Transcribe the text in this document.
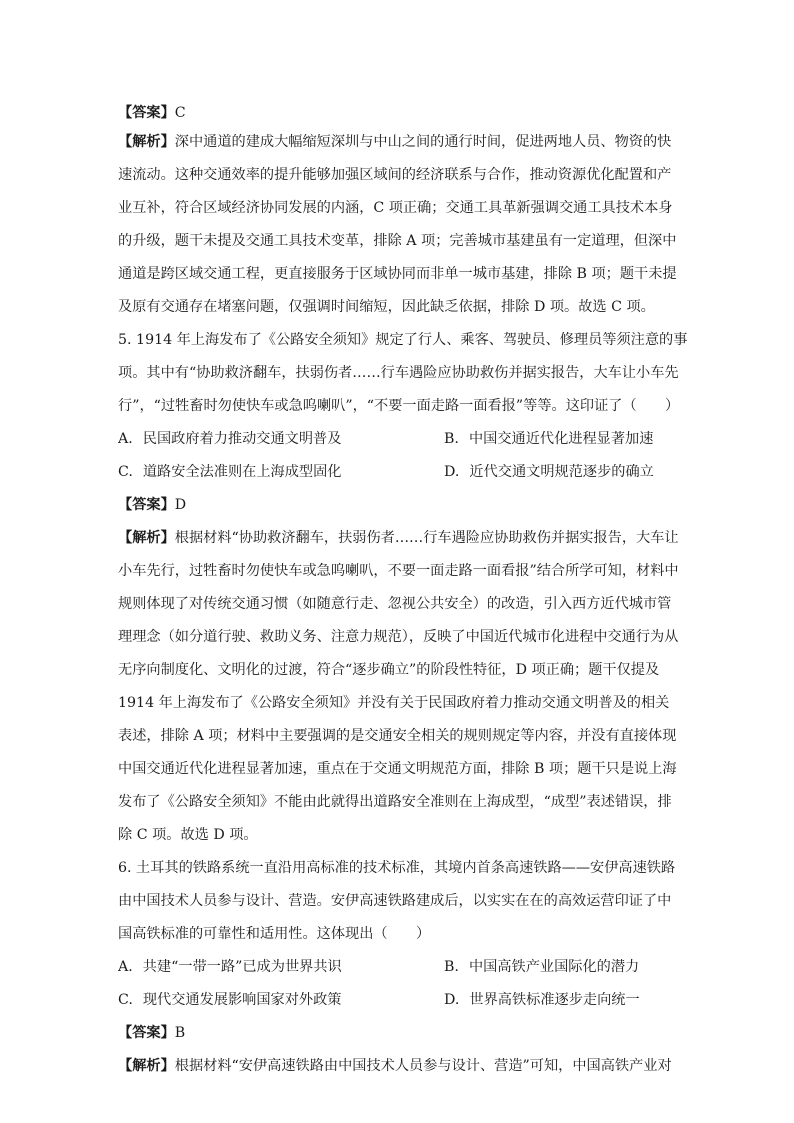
【答案】C
【解析】深中通道的建成大幅缩短深圳与中山之间的通行时间，促进两地人员、物资的快
速流动。这种交通效率的提升能够加强区域间的经济联系与合作，推动资源优化配置和产
业互补，符合区域经济协同发展的内涵，C 项正确；交通工具革新强调交通工具技术本身
的升级，题干未提及交通工具技术变革，排除 A 项；完善城市基建虽有一定道理，但深中
通道是跨区域交通工程，更直接服务于区域协同而非单一城市基建，排除 B 项；题干未提
及原有交通存在堵塞问题，仅强调时间缩短，因此缺乏依据，排除 D 项。故选 C 项。
5. 1914 年上海发布了《公路安全须知》规定了行人、乘客、驾驶员、修理员等须注意的事
项。其中有“协助救济翻车，扶弱伤者……行车遇险应协助救伤并据实报告，大车让小车先
行”，“过牲畜时勿使快车或急呜喇叭”，“不要一面走路一面看报”等等。这印证了（　　）
A. 民国政府着力推动交通文明普及	B. 中国交通近代化进程显著加速
C. 道路安全法准则在上海成型固化	D. 近代交通文明规范逐步的确立
【答案】D
【解析】根据材料“协助救济翻车，扶弱伤者……行车遇险应协助救伤并据实报告，大车让
小车先行，过牲畜时勿使快车或急呜喇叭，不要一面走路一面看报”结合所学可知，材料中
规则体现了对传统交通习惯（如随意行走、忽视公共安全）的改造，引入西方近代城市管
理理念（如分道行驶、救助义务、注意力规范），反映了中国近代城市化进程中交通行为从
无序向制度化、文明化的过渡，符合“逐步确立”的阶段性特征，D 项正确；题干仅提及
1914 年上海发布了《公路安全须知》并没有关于民国政府着力推动交通文明普及的相关
表述，排除 A 项；材料中主要强调的是交通安全相关的规则规定等内容，并没有直接体现
中国交通近代化进程显著加速，重点在于交通文明规范方面，排除 B 项；题干只是说上海
发布了《公路安全须知》不能由此就得出道路安全准则在上海成型，“成型”表述错误，排
除 C 项。故选 D 项。
6. 土耳其的铁路系统一直沿用高标准的技术标准，其境内首条高速铁路——安伊高速铁路
由中国技术人员参与设计、营造。安伊高速铁路建成后，以实实在在的高效运营印证了中
国高铁标准的可靠性和适用性。这体现出（　　）
A. 共建“一带一路”已成为世界共识	B. 中国高铁产业国际化的潜力
C. 现代交通发展影响国家对外政策	D. 世界高铁标准逐步走向统一
【答案】B
【解析】根据材料“安伊高速铁路由中国技术人员参与设计、营造”可知，中国高铁产业对
